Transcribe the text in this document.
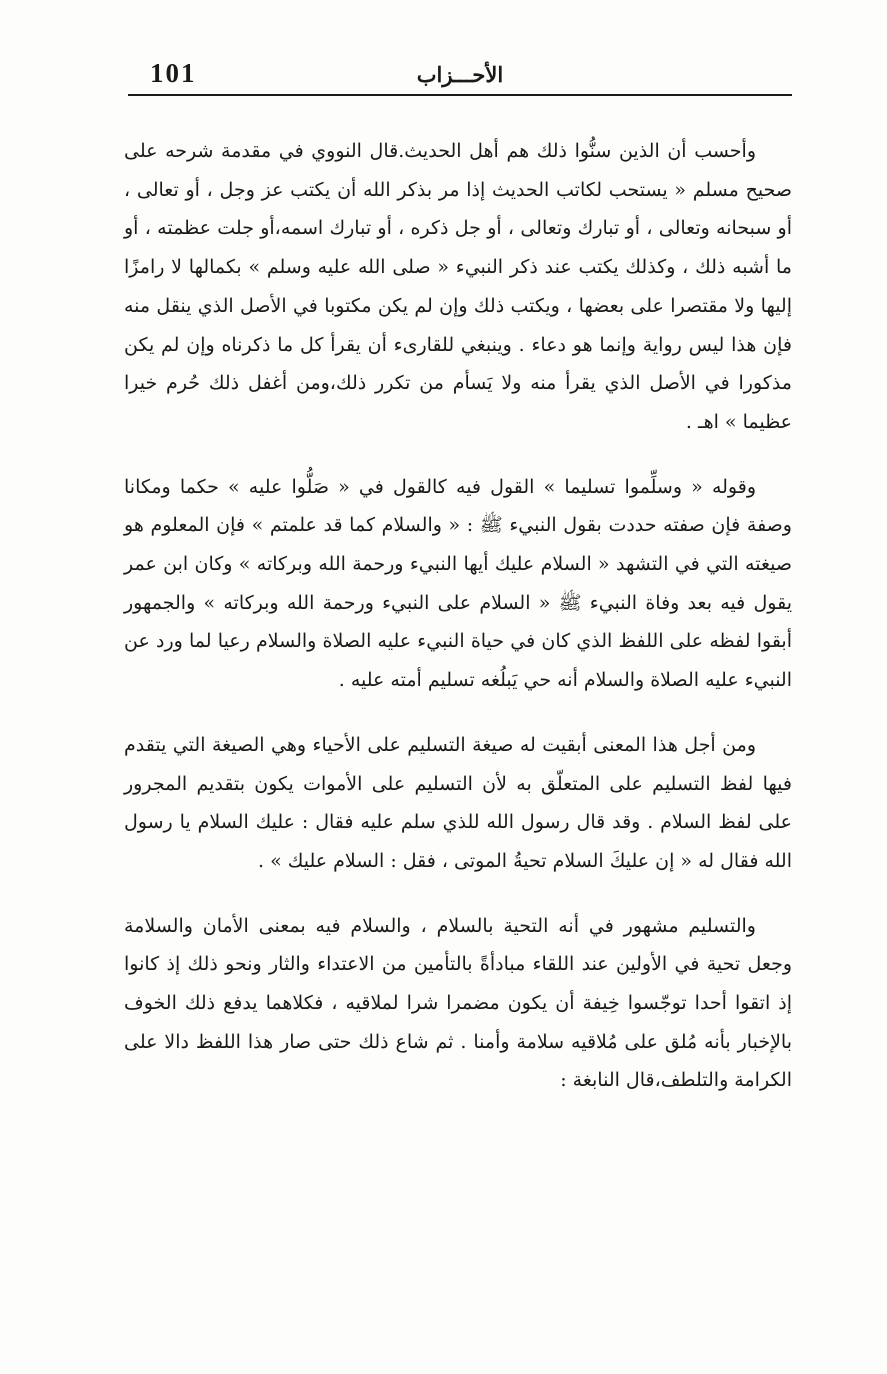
101	الأحـــزاب

وأحسب أن الذين سنُّوا ذلك هم أهل الحديث.قال النووي في مقدمة شرحه على صحيح مسلم « يستحب لكاتب الحديث إذا مر بذكر الله أن يكتب عز وجل ، أو تعالى ، أو سبحانه وتعالى ، أو تبارك وتعالى ، أو جل ذكره ، أو تبارك اسمه،أو جلت عظمته ، أو ما أشبه ذلك ، وكذلك يكتب عند ذكر النبيء « صلى الله عليه وسلم » بكمالها لا رامزًا إليها ولا مقتصرا على بعضها ، ويكتب ذلك وإن لم يكن مكتوبا في الأصل الذي ينقل منه فإن هذا ليس رواية وإنما هو دعاء . وينبغي للقارىء أن يقرأ كل ما ذكرناه وإن لم يكن مذكورا في الأصل الذي يقرأ منه ولا يَسأم من تكرر ذلك،ومن أغفل ذلك حُرم خيرا عظيما » اهـ .

وقوله « وسلِّموا تسليما » القول فيه كالقول في « صَلُّوا عليه » حكما ومكانا وصفة فإن صفته حددت بقول النبيء ﷺ : « والسلام كما قد علمتم » فإن المعلوم هو صيغته التي في التشهد « السلام عليك أيها النبيء ورحمة الله وبركاته » وكان ابن عمر يقول فيه بعد وفاة النبيء ﷺ « السلام على النبيء ورحمة الله وبركاته » والجمهور أبقوا لفظه على اللفظ الذي كان في حياة النبيء عليه الصلاة والسلام رعيا لما ورد عن النبيء عليه الصلاة والسلام أنه حي يَبلُغه تسليم أمته عليه .

ومن أجل هذا المعنى أبقيت له صيغة التسليم على الأحياء وهي الصيغة التي يتقدم فيها لفظ التسليم على المتعلّق به لأن التسليم على الأموات يكون بتقديم المجرور على لفظ السلام . وقد قال رسول الله للذي سلم عليه فقال : عليك السلام يا رسول الله فقال له « إن عليكَ السلام تحيةُ الموتى ، فقل : السلام عليك » .

والتسليم مشهور في أنه التحية بالسلام ، والسلام فيه بمعنى الأمان والسلامة وجعل تحية في الأولين عند اللقاء مبادأةً بالتأمين من الاعتداء والثار ونحو ذلك إذ كانوا إذ اتقوا أحدا توجّسوا خِيفة أن يكون مضمرا شرا لملاقيه ، فكلاهما يدفع ذلك الخوف بالإخبار بأنه مُلق على مُلاقيه سلامة وأمنا . ثم شاع ذلك حتى صار هذا اللفظ دالا على الكرامة والتلطف،قال النابغة :
